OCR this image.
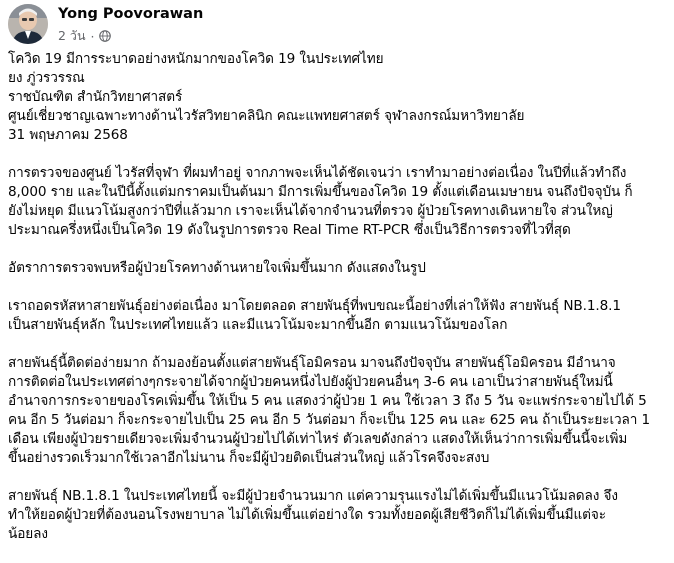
Yong Poovorawan
2 วัน ·
โควิด 19 มีการระบาดอย่างหนักมากของโควิด 19 ในประเทศไทย
ยง ภู่วรวรรณ
ราชบัณฑิต สำนักวิทยาศาสตร์
ศูนย์เชี่ยวชาญเฉพาะทางด้านไวรัสวิทยาคลินิก คณะแพทยศาสตร์ จุฬาลงกรณ์มหาวิทยาลัย
31 พฤษภาคม 2568
การตรวจของศูนย์ ไวรัสที่จุฬา ที่ผมทำอยู่ จากภาพจะเห็นได้ชัดเจนว่า เราทำมาอย่างต่อเนื่อง ในปีที่แล้วทำถึง
8,000 ราย และในปีนี้ตั้งแต่มกราคมเป็นต้นมา มีการเพิ่มขึ้นของโควิด 19 ตั้งแต่เดือนเมษายน จนถึงปัจจุบัน ก็
ยังไม่หยุด มีแนวโน้มสูงกว่าปีที่แล้วมาก เราจะเห็นได้จากจำนวนที่ตรวจ ผู้ป่วยโรคทางเดินหายใจ ส่วนใหญ่
ประมาณครึ่งหนึ่งเป็นโควิด 19 ดังในรูปการตรวจ Real Time RT-PCR ซึ่งเป็นวิธีการตรวจที่ไวที่สุด
อัตราการตรวจพบหรือผู้ป่วยโรคทางด้านหายใจเพิ่มขึ้นมาก ดังแสดงในรูป
เราถอดรหัสหาสายพันธุ์อย่างต่อเนื่อง มาโดยตลอด สายพันธุ์ที่พบขณะนี้อย่างที่เล่าให้ฟัง สายพันธุ์ NB.1.8.1
เป็นสายพันธุ์หลัก ในประเทศไทยแล้ว และมีแนวโน้มจะมากขึ้นอีก ตามแนวโน้มของโลก
สายพันธุ์นี้ติดต่อง่ายมาก ถ้ามองย้อนตั้งแต่สายพันธุ์โอมิครอน มาจนถึงปัจจุบัน สายพันธุ์โอมิครอน มีอำนาจ
การติดต่อในประเทศต่างๆกระจายได้จากผู้ป่วยคนหนึ่งไปยังผู้ป่วยคนอื่นๆ 3-6 คน เอาเป็นว่าสายพันธุ์ใหม่นี้
อำนาจการกระจายของโรคเพิ่มขึ้น ให้เป็น 5 คน แสดงว่าผู้ป่วย 1 คน ใช้เวลา 3 ถึง 5 วัน จะแพร่กระจายไปได้ 5
คน อีก 5 วันต่อมา ก็จะกระจายไปเป็น 25 คน อีก 5 วันต่อมา ก็จะเป็น 125 คน และ 625 คน ถ้าเป็นระยะเวลา 1
เดือน เพียงผู้ป่วยรายเดียวจะเพิ่มจำนวนผู้ป่วยไปได้เท่าไหร่ ตัวเลขดังกล่าว แสดงให้เห็นว่าการเพิ่มขึ้นนี้จะเพิ่ม
ขึ้นอย่างรวดเร็วมากใช้เวลาอีกไม่นาน ก็จะมีผู้ป่วยติดเป็นส่วนใหญ่ แล้วโรคจึงจะสงบ
สายพันธุ์ NB.1.8.1 ในประเทศไทยนี้ จะมีผู้ป่วยจำนวนมาก แต่ความรุนแรงไม่ได้เพิ่มขึ้นมีแนวโน้มลดลง จึง
ทำให้ยอดผู้ป่วยที่ต้องนอนโรงพยาบาล ไม่ได้เพิ่มขึ้นแต่อย่างใด รวมทั้งยอดผู้เสียชีวิตก็ไม่ได้เพิ่มขึ้นมีแต่จะ
น้อยลง
